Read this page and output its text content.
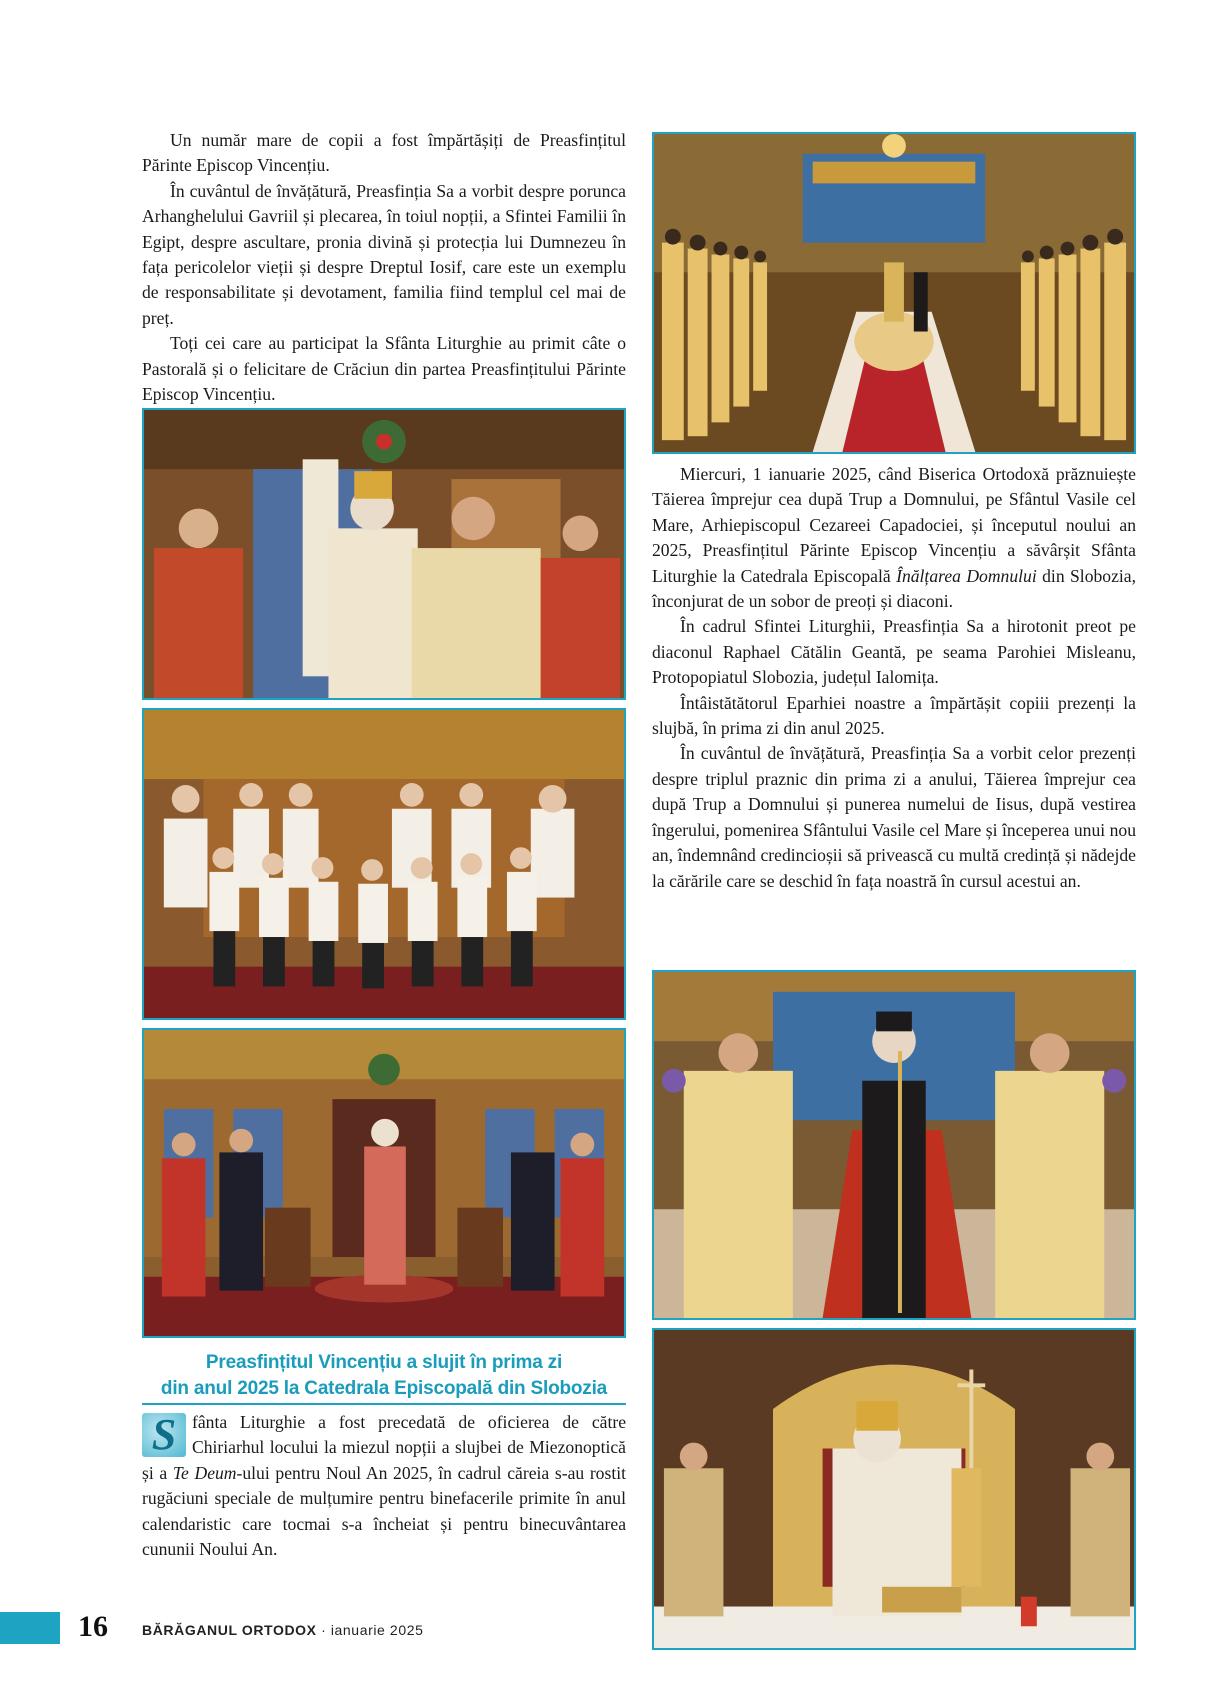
Un număr mare de copii a fost împărtășiți de Preasfințitul Părinte Episcop Vincențiu.

În cuvântul de învățătură, Preasfinția Sa a vorbit despre porunca Arhanghelului Gavriil și plecarea, în toiul nopții, a Sfintei Familii în Egipt, despre ascultare, pronia divină și protecția lui Dumnezeu în fața pericolelor vieții și despre Dreptul Iosif, care este un exemplu de responsabilitate și devotament, familia fiind templul cel mai de preț.

Toți cei care au participat la Sfânta Liturghie au primit câte o Pastorală și o felicitare de Crăciun din partea Preasfințitului Părinte Episcop Vincențiu.

Miercuri, 1 ianuarie 2025, când Biserica Ortodoxă prăznuiește Tăierea împrejur cea după Trup a Domnului, pe Sfântul Vasile cel Mare, Arhiepiscopul Cezareei Capadociei, și începutul noului an 2025, Preasfințitul Părinte Episcop Vincențiu a săvârșit Sfânta Liturghie la Catedrala Episcopală Înălțarea Domnului din Slobozia, înconjurat de un sobor de preoți și diaconi.

În cadrul Sfintei Liturghii, Preasfinția Sa a hirotonit preot pe diaconul Raphael Cătălin Geantă, pe seama Parohiei Misleanu, Protopopiatul Slobozia, județul Ialomița.

Întâistătătorul Eparhiei noastre a împărtășit copiii prezenți la slujbă, în prima zi din anul 2025.

În cuvântul de învățătură, Preasfinția Sa a vorbit celor prezenți despre triplul praznic din prima zi a anului, Tăierea împrejur cea după Trup a Domnului și punerea numelui de Iisus, după vestirea îngerului, pomenirea Sfântului Vasile cel Mare și începerea unui nou an, îndemnând credincioșii să privească cu multă credință și nădejde la cărările care se deschid în fața noastră în cursul acestui an.

Preasfințitul Vincențiu a slujit în prima zi
din anul 2025 la Catedrala Episcopală din Slobozia

S fânta Liturghie a fost precedată de oficierea de către Chiriarhul locului la miezul nopții a slujbei de Miezonoptică și a Te Deum-ului pentru Noul An 2025, în cadrul căreia s-au rostit rugăciuni speciale de mulțumire pentru binefacerile primite în anul calendaristic care tocmai s-a încheiat și pentru binecuvântarea cununii Noului An.

16 BĂRĂGANUL ORTODOX · ianuarie 2025
